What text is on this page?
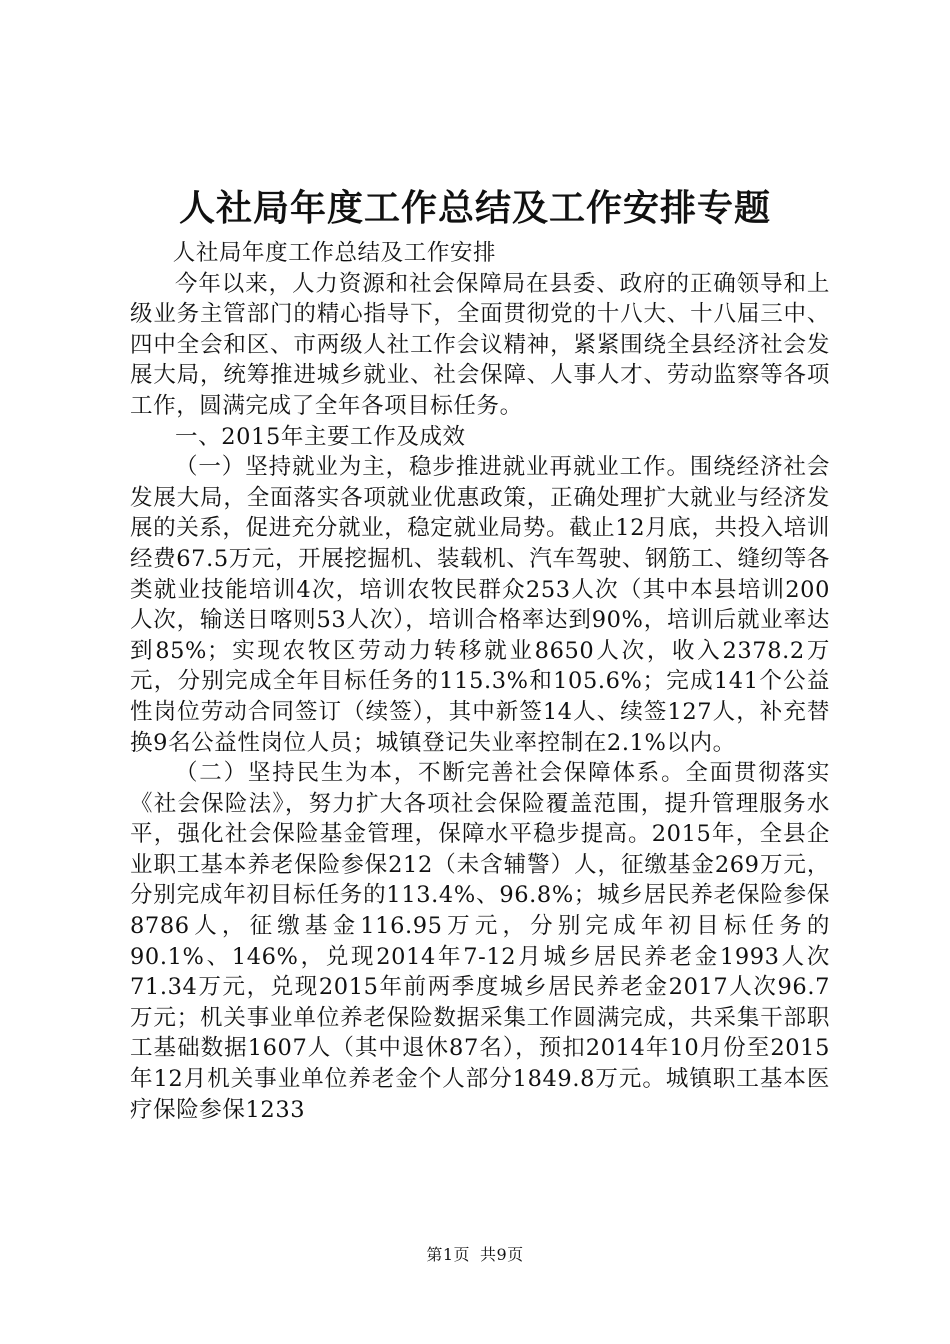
人社局年度工作总结及工作安排专题

人社局年度工作总结及工作安排

今年以来，人力资源和社会保障局在县委、政府的正确领导和上级业务主管部门的精心指导下，全面贯彻党的十八大、十八届三中、四中全会和区、市两级人社工作会议精神，紧紧围绕全县经济社会发展大局，统筹推进城乡就业、社会保障、人事人才、劳动监察等各项工作，圆满完成了全年各项目标任务。

一、2015年主要工作及成效

（一）坚持就业为主，稳步推进就业再就业工作。围绕经济社会发展大局，全面落实各项就业优惠政策，正确处理扩大就业与经济发展的关系，促进充分就业，稳定就业局势。截止12月底，共投入培训经费67.5万元，开展挖掘机、装载机、汽车驾驶、钢筋工、缝纫等各类就业技能培训4次，培训农牧民群众253人次（其中本县培训200人次，输送日喀则53人次），培训合格率达到90%，培训后就业率达到85%；实现农牧区劳动力转移就业8650人次，收入2378.2万元，分别完成全年目标任务的115.3%和105.6%；完成141个公益性岗位劳动合同签订（续签），其中新签14人、续签127人，补充替换9名公益性岗位人员；城镇登记失业率控制在2.1%以内。

（二）坚持民生为本，不断完善社会保障体系。全面贯彻落实《社会保险法》，努力扩大各项社会保险覆盖范围，提升管理服务水平，强化社会保险基金管理，保障水平稳步提高。2015年，全县企业职工基本养老保险参保212（未含辅警）人，征缴基金269万元，分别完成年初目标任务的113.4%、96.8%；城乡居民养老保险参保8786人，征缴基金116.95万元，分别完成年初目标任务的90.1%、146%，兑现2014年7-12月城乡居民养老金1993人次71.34万元，兑现2015年前两季度城乡居民养老金2017人次96.7万元；机关事业单位养老保险数据采集工作圆满完成，共采集干部职工基础数据1607人（其中退休87名），预扣2014年10月份至2015年12月机关事业单位养老金个人部分1849.8万元。城镇职工基本医疗保险参保1233

第1页 共9页
